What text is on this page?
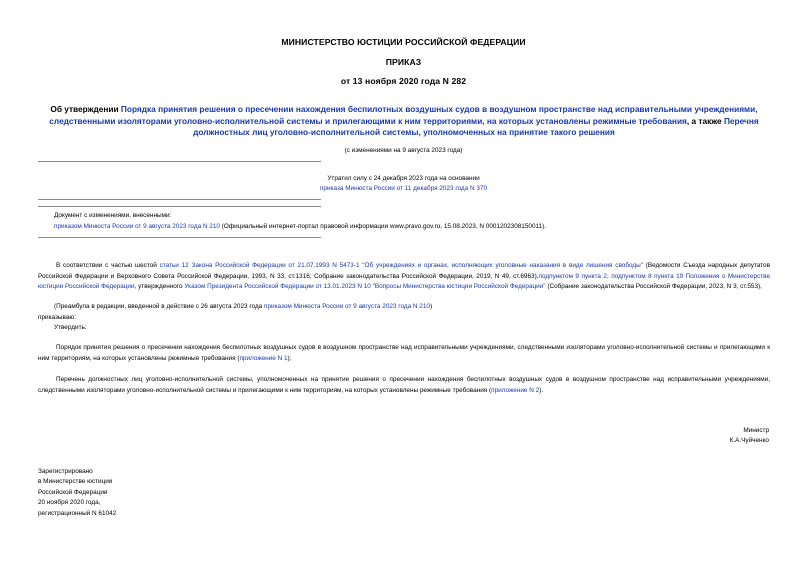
МИНИСТЕРСТВО ЮСТИЦИИ РОССИЙСКОЙ ФЕДЕРАЦИИ
ПРИКАЗ
от 13 ноября 2020 года N 282
Об утверждении Порядка принятия решения о пресечении нахождения беспилотных воздушных судов в воздушном пространстве над исправительными учреждениями, следственными изоляторами уголовно-исполнительной системы и прилегающими к ним территориями, на которых установлены режимные требования, а также Перечня должностных лиц уголовно-исполнительной системы, уполномоченных на принятие такого решения
(с изменениями на 9 августа 2023 года)
Утратил силу с 24 декабря 2023 года на основании
приказа Минюста России от 11 декабря 2023 года N 370
Документ с изменениями, внесенными:
приказом Минюста России от 9 августа 2023 года N 210 (Официальный интернет-портал правовой информации www.pravo.gov.ru, 15.08.2023, N 0001202308150011).
В соответствии с частью шестой статьи 12 Закона Российской Федерации от 21.07.1993 N 5473-1 "Об учреждениях и органах, исполняющих уголовные наказания в виде лишения свободы" (Ведомости Съезда народных депутатов Российской Федерации и Верховного Совета Российской Федерации, 1993, N 33, ст.1316; Собрание законодательства Российской Федерации, 2019, N 49, ст.6963),подпунктом 9 пункта 2, подпунктом 8 пункта 19 Положения о Министерстве юстиции Российской Федерации, утвержденного Указом Президента Российской Федерации от 13.01.2023 N 10 "Вопросы Министерства юстиции Российской Федерации" (Собрание законодательства Российской Федерации, 2023, N 3, ст.553),
(Преамбула в редакции, введенной в действие с 26 августа 2023 года приказом Минюста России от 9 августа 2023 года N 210)
приказываю:
Утвердить:
Порядок принятия решения о пресечении нахождения беспилотных воздушных судов в воздушном пространстве над исправительными учреждениями, следственными изоляторами уголовно-исполнительной системы и прилегающими к ним территориям, на которых установлены режимные требования (приложение N 1);
Перечень должностных лиц уголовно-исполнительной системы, уполномоченных на принятие решения о пресечении нахождения беспилотных воздушных судов в воздушном пространстве над исправительными учреждениями, следственными изоляторами уголовно-исполнительной системы и прилегающими к ним территориям, на которых установлены режимные требования (приложение N 2).
Министр
К.А.Чуйченко
Зарегистрировано
в Министерстве юстиции
Российской Федерации
20 ноября 2020 года,
регистрационный N 61042
